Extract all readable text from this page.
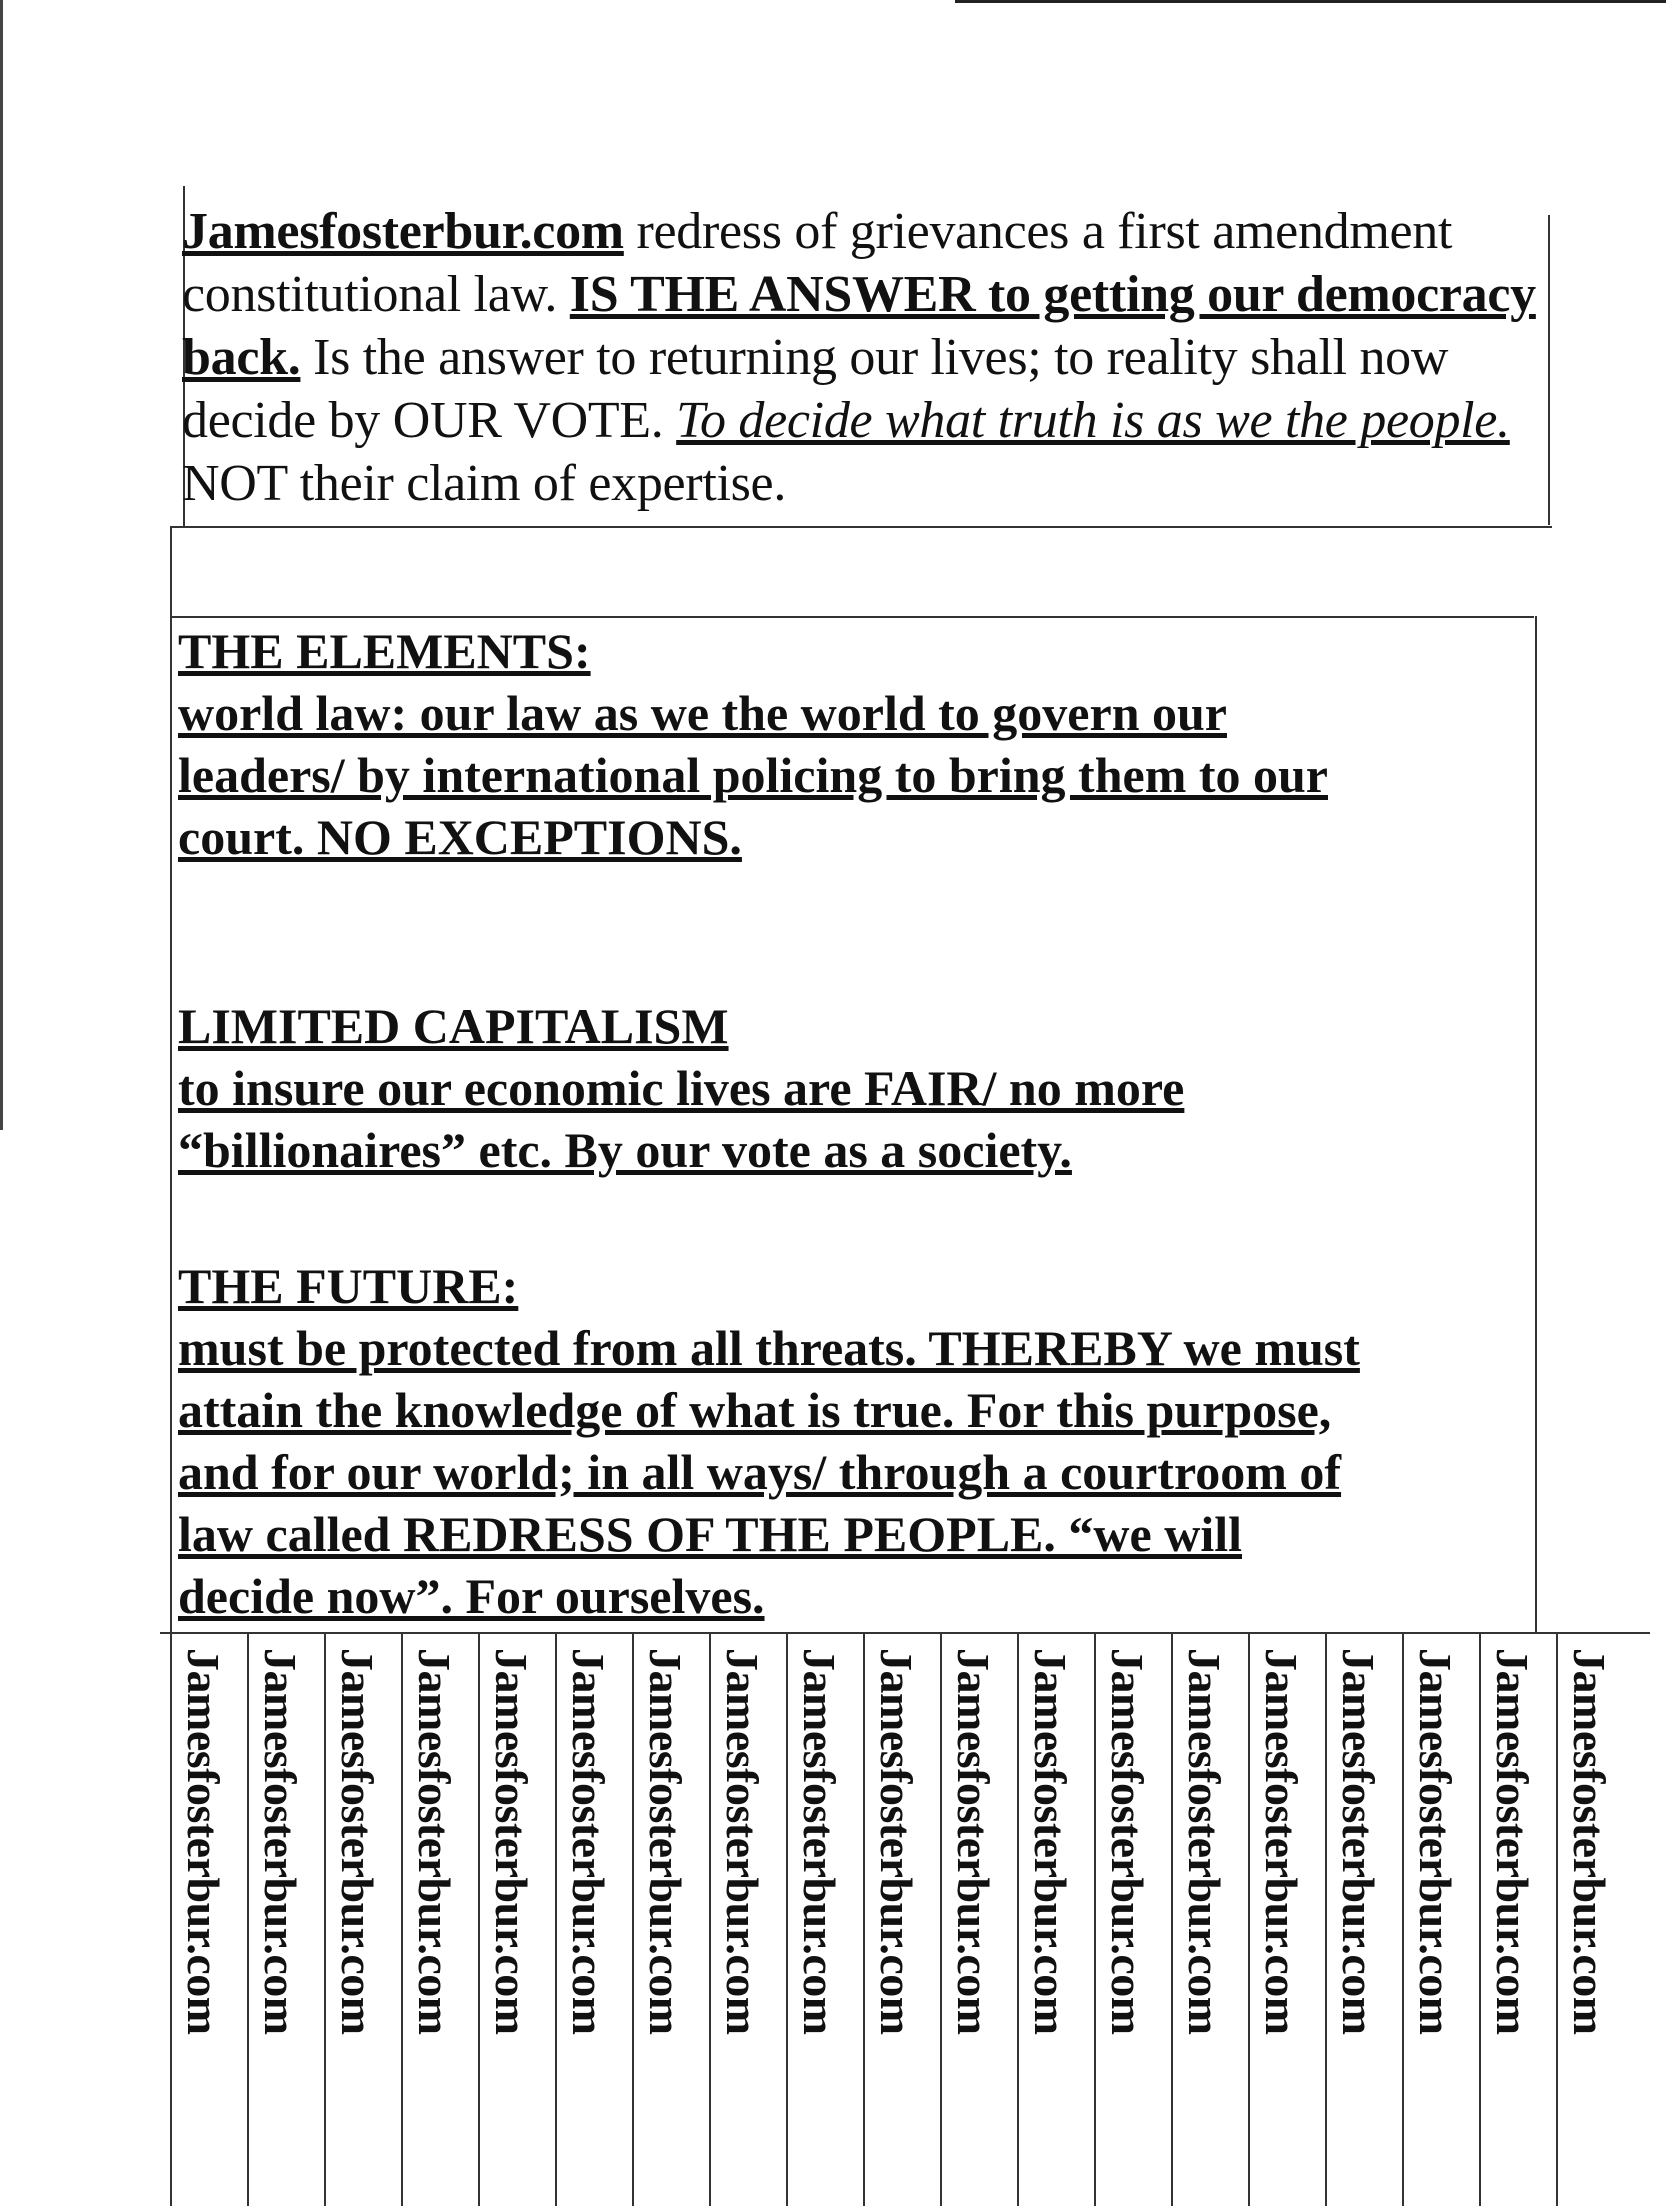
Jamesfosterbur.com redress of grievances a first amendment constitutional law. IS THE ANSWER to getting our democracy back. Is the answer to returning our lives; to reality shall now decide by OUR VOTE. To decide what truth is as we the people. NOT their claim of expertise.
THE ELEMENTS:
world law: our law as we the world to govern our
leaders/ by international policing to bring them to our
court. NO EXCEPTIONS.
LIMITED CAPITALISM
to insure our economic lives are FAIR/ no more
“billionaires” etc. By our vote as a society.
THE FUTURE:
must be protected from all threats. THEREBY we must
attain the knowledge of what is true. For this purpose,
and for our world; in all ways/ through a courtroom of
law called REDRESS OF THE PEOPLE. “we will
decide now”. For ourselves.
Jamesfosterbur.com Jamesfosterbur.com Jamesfosterbur.com Jamesfosterbur.com Jamesfosterbur.com Jamesfosterbur.com Jamesfosterbur.com Jamesfosterbur.com Jamesfosterbur.com Jamesfosterbur.com Jamesfosterbur.com Jamesfosterbur.com Jamesfosterbur.com Jamesfosterbur.com Jamesfosterbur.com Jamesfosterbur.com Jamesfosterbur.com Jamesfosterbur.com Jamesfosterbur.com
